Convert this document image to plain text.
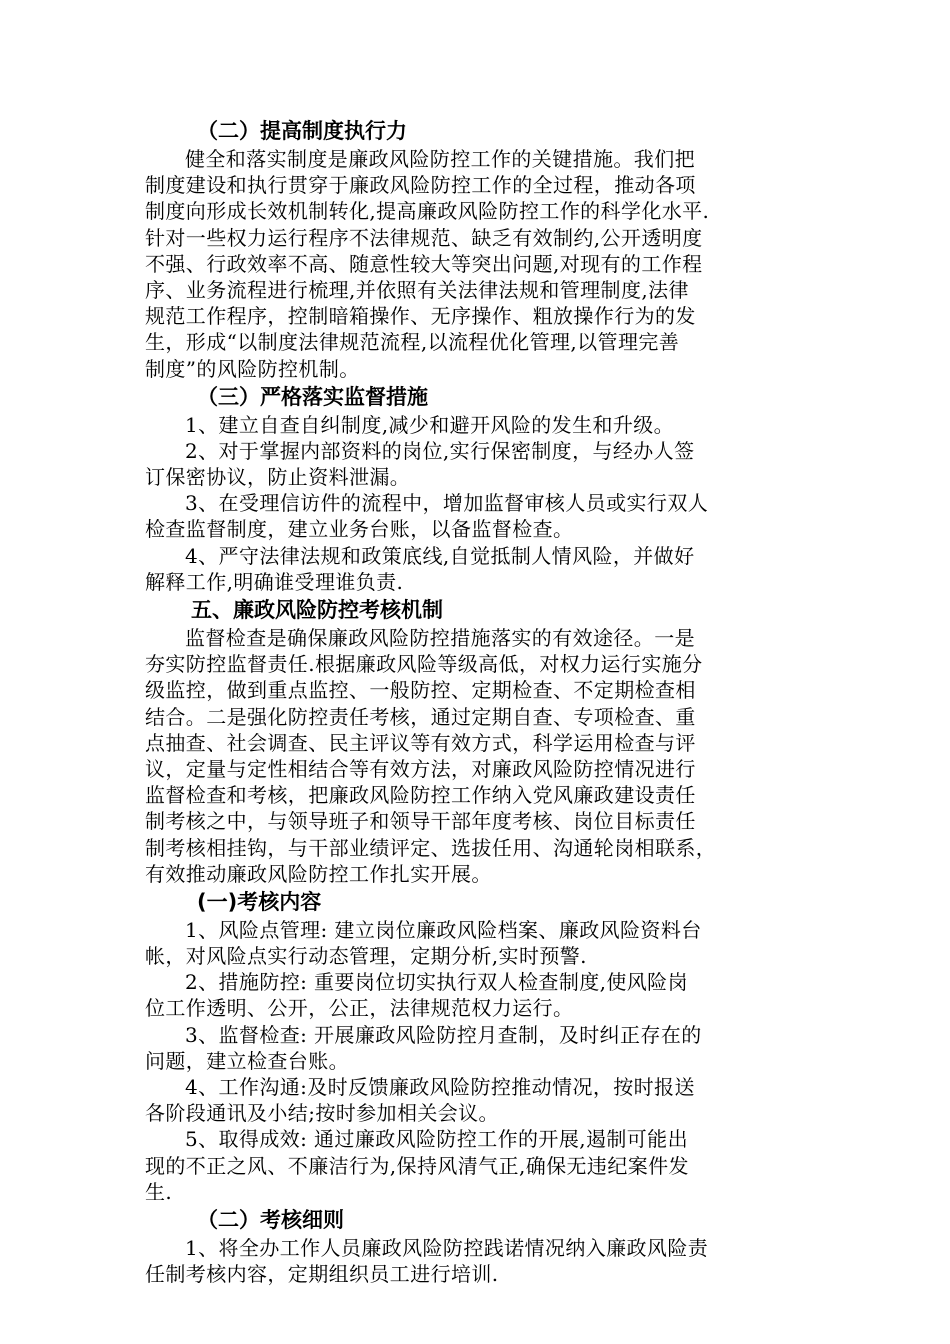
（二）提高制度执行力
健全和落实制度是廉政风险防控工作的关键措施。我们把
制度建设和执行贯穿于廉政风险防控工作的全过程，推动各项
制度向形成长效机制转化,提高廉政风险防控工作的科学化水平.
针对一些权力运行程序不法律规范、缺乏有效制约,公开透明度
不强、行政效率不高、随意性较大等突出问题,对现有的工作程
序、业务流程进行梳理,并依照有关法律法规和管理制度,法律
规范工作程序，控制暗箱操作、无序操作、粗放操作行为的发
生，形成“以制度法律规范流程,以流程优化管理,以管理完善
制度”的风险防控机制。
（三）严格落实监督措施
1、建立自查自纠制度,减少和避开风险的发生和升级。
2、对于掌握内部资料的岗位,实行保密制度，与经办人签
订保密协议，防止资料泄漏。
3、在受理信访件的流程中，增加监督审核人员或实行双人
检查监督制度，建立业务台账，以备监督检查。
4、严守法律法规和政策底线,自觉抵制人情风险，并做好
解释工作,明确谁受理谁负责.
五、廉政风险防控考核机制
监督检查是确保廉政风险防控措施落实的有效途径。一是
夯实防控监督责任.根据廉政风险等级高低，对权力运行实施分
级监控，做到重点监控、一般防控、定期检查、不定期检查相
结合。二是强化防控责任考核，通过定期自查、专项检查、重
点抽查、社会调查、民主评议等有效方式，科学运用检查与评
议，定量与定性相结合等有效方法，对廉政风险防控情况进行
监督检查和考核，把廉政风险防控工作纳入党风廉政建设责任
制考核之中，与领导班子和领导干部年度考核、岗位目标责任
制考核相挂钩，与干部业绩评定、选拔任用、沟通轮岗相联系，
有效推动廉政风险防控工作扎实开展。
(一)考核内容
1、风险点管理: 建立岗位廉政风险档案、廉政风险资料台
帐，对风险点实行动态管理，定期分析,实时预警.
2、措施防控: 重要岗位切实执行双人检查制度,使风险岗
位工作透明、公开，公正，法律规范权力运行。
3、监督检查: 开展廉政风险防控月查制，及时纠正存在的
问题，建立检查台账。
4、工作沟通:及时反馈廉政风险防控推动情况，按时报送
各阶段通讯及小结;按时参加相关会议。
5、取得成效: 通过廉政风险防控工作的开展,遏制可能出
现的不正之风、不廉洁行为,保持风清气正,确保无违纪案件发
生.
（二）考核细则
1、将全办工作人员廉政风险防控践诺情况纳入廉政风险责
任制考核内容，定期组织员工进行培训.
